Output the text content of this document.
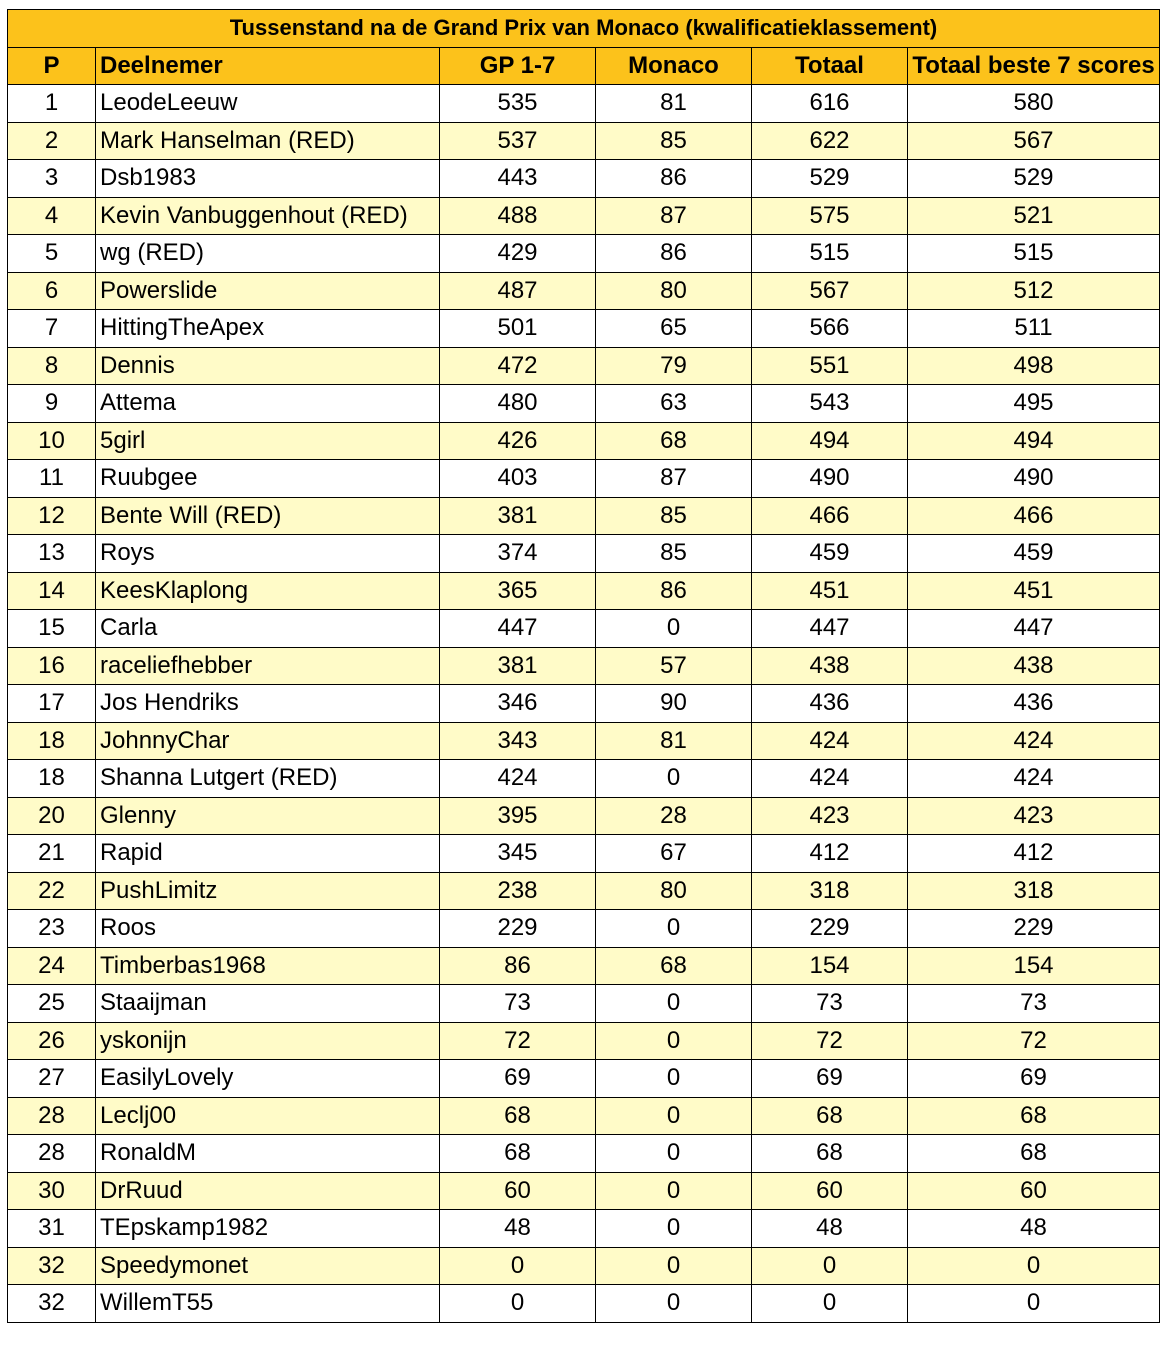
Tussenstand na de Grand Prix van Monaco (kwalificatieklassement)					
P	Deelnemer	GP 1-7	Monaco	Totaal	Totaal beste 7 scores
1	LeodeLeeuw	535	81	616	580
2	Mark Hanselman (RED)	537	85	622	567
3	Dsb1983	443	86	529	529
4	Kevin Vanbuggenhout (RED)	488	87	575	521
5	wg (RED)	429	86	515	515
6	Powerslide	487	80	567	512
7	HittingTheApex	501	65	566	511
8	Dennis	472	79	551	498
9	Attema	480	63	543	495
10	5girl	426	68	494	494
11	Ruubgee	403	87	490	490
12	Bente Will (RED)	381	85	466	466
13	Roys	374	85	459	459
14	KeesKlaplong	365	86	451	451
15	Carla	447	0	447	447
16	raceliefhebber	381	57	438	438
17	Jos Hendriks	346	90	436	436
18	JohnnyChar	343	81	424	424
18	Shanna Lutgert (RED)	424	0	424	424
20	Glenny	395	28	423	423
21	Rapid	345	67	412	412
22	PushLimitz	238	80	318	318
23	Roos	229	0	229	229
24	Timberbas1968	86	68	154	154
25	Staaijman	73	0	73	73
26	yskonijn	72	0	72	72
27	EasilyLovely	69	0	69	69
28	Leclj00	68	0	68	68
28	RonaldM	68	0	68	68
30	DrRuud	60	0	60	60
31	TEpskamp1982	48	0	48	48
32	Speedymonet	0	0	0	0
32	WillemT55	0	0	0	0
